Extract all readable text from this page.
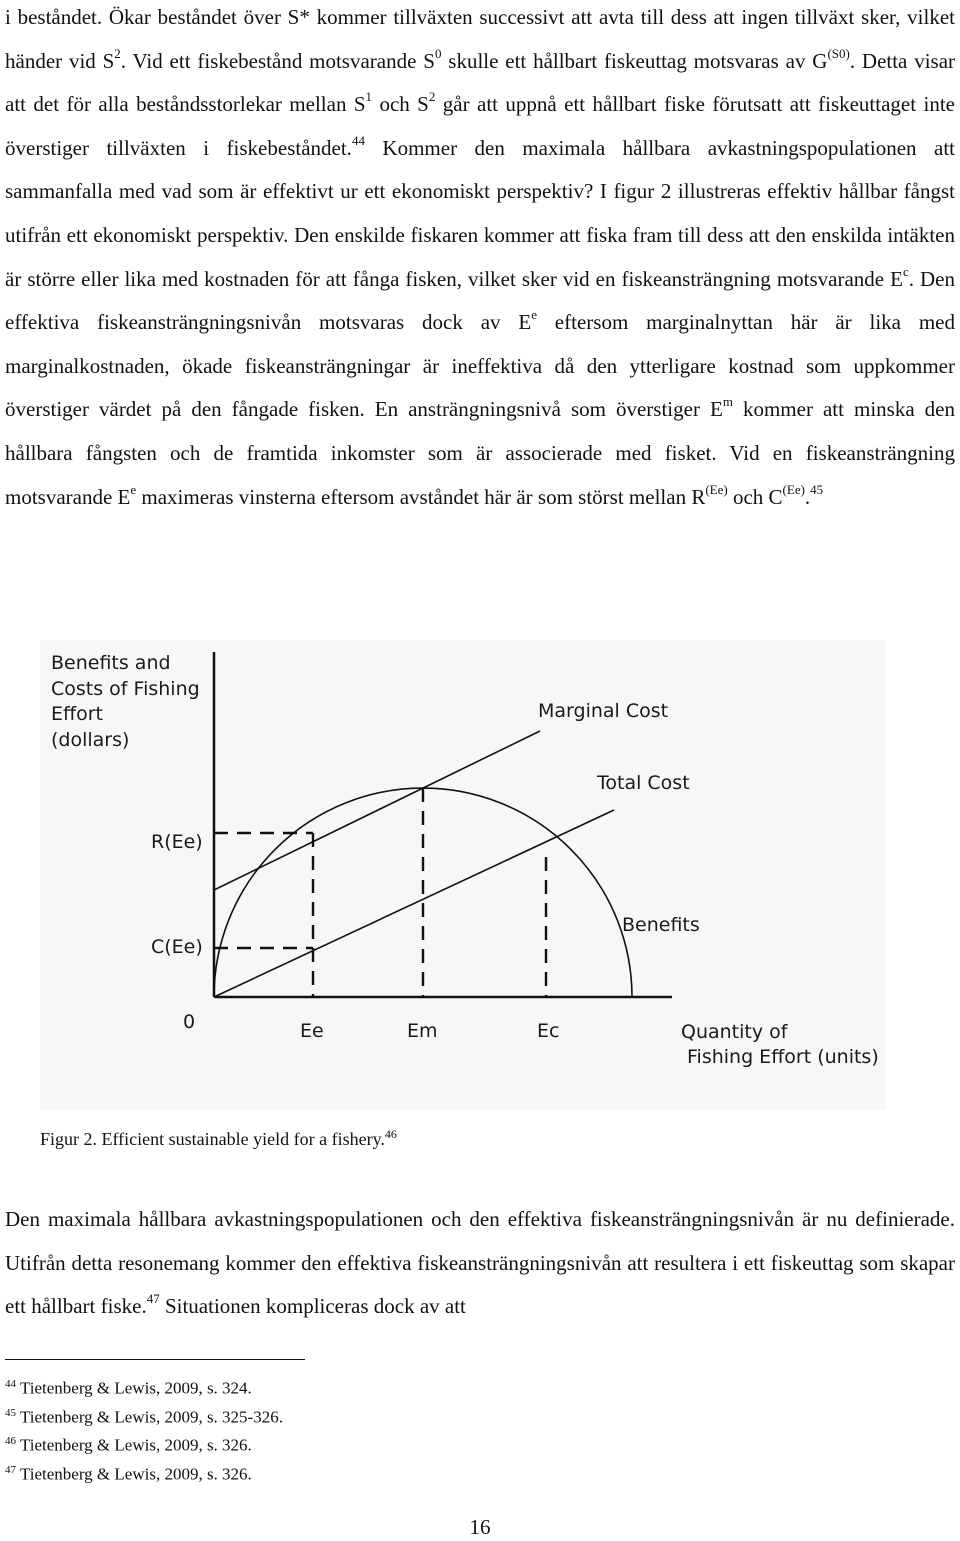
i beståndet. Ökar beståndet över S* kommer tillväxten successivt att avta till dess att ingen tillväxt sker, vilket händer vid $S^2$. Vid ett fiskebestånd motsvarande $S^0$ skulle ett hållbart fiskeuttag motsvaras av $G^{(S0)}$. Detta visar att det för alla beståndsstorlekar mellan $S^1$ och $S^2$ går att uppnå ett hållbart fiske förutsatt att fiskeuttaget inte överstiger tillväxten i fiskebeståndet.$^{44}$ Kommer den maximala hållbara avkastningspopulationen att sammanfalla med vad som är effektivt ur ett ekonomiskt perspektiv? I figur 2 illustreras effektiv hållbar fångst utifrån ett ekonomiskt perspektiv. Den enskilde fiskaren kommer att fiska fram till dess att den enskilda intäkten är större eller lika med kostnaden för att fånga fisken, vilket sker vid en fiskeansträngning motsvarande $E^c$. Den effektiva fiskeansträngningsnivån motsvaras dock av $E^e$ eftersom marginalnyttan här är lika med marginalkostnaden, ökade fiskeansträngningar är ineffektiva då den ytterligare kostnad som uppkommer överstiger värdet på den fångade fisken. En ansträngningsnivå som överstiger $E^m$ kommer att minska den hållbara fångsten och de framtida inkomster som är associerade med fisket. Vid en fiskeansträngning motsvarande $E^e$ maximeras vinsterna eftersom avståndet här är som störst mellan $R^{(Ee)}$ och $C^{(Ee)}.^{45}$

Benefits and Costs of Fishing Effort (dollars)
Marginal Cost
Total Cost
Benefits
R(Ee)
C(Ee)
0	Ee	Em	Ec	Quantity of Fishing Effort (units)

Figur 2. Efficient sustainable yield for a fishery.$^{46}$

Den maximala hållbara avkastningspopulationen och den effektiva fiskeansträngningsnivån är nu definierade. Utifrån detta resonemang kommer den effektiva fiskeansträngningsnivån att resultera i ett fiskeuttag som skapar ett hållbart fiske.$^{47}$ Situationen kompliceras dock av att

$^{44}$ Tietenberg & Lewis, 2009, s. 324.
$^{45}$ Tietenberg & Lewis, 2009, s. 325-326.
$^{46}$ Tietenberg & Lewis, 2009, s. 326.
$^{47}$ Tietenberg & Lewis, 2009, s. 326.
16
